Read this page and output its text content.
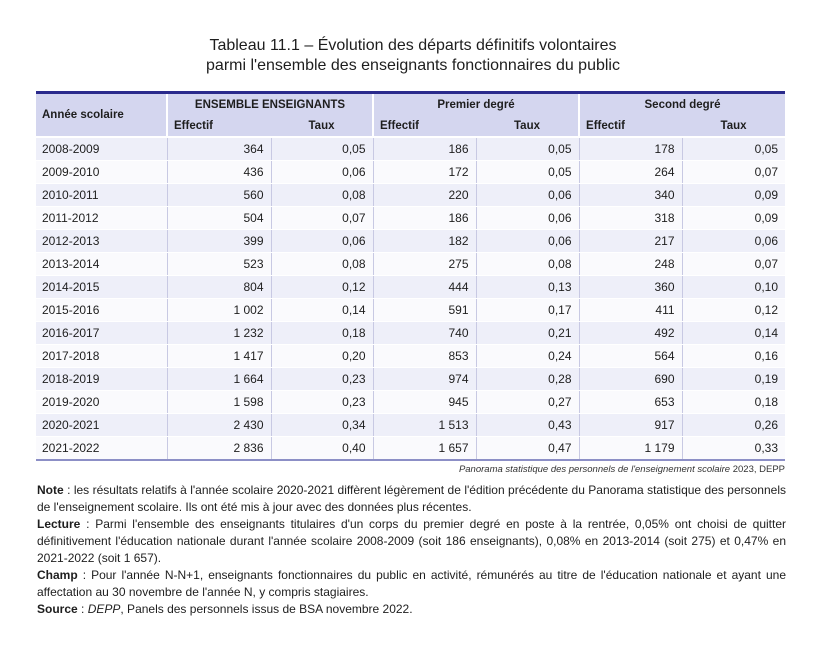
Tableau 11.1 – Évolution des départs définitifs volontaires
parmi l'ensemble des enseignants fonctionnaires du public
Année scolaire	ENSEMBLE ENSEIGNANTS		Premier degré		Second degré	
	Effectif	Taux	Effectif	Taux	Effectif	Taux
2008-2009	364	0,05	186	0,05	178	0,05
2009-2010	436	0,06	172	0,05	264	0,07
2010-2011	560	0,08	220	0,06	340	0,09
2011-2012	504	0,07	186	0,06	318	0,09
2012-2013	399	0,06	182	0,06	217	0,06
2013-2014	523	0,08	275	0,08	248	0,07
2014-2015	804	0,12	444	0,13	360	0,10
2015-2016	1 002	0,14	591	0,17	411	0,12
2016-2017	1 232	0,18	740	0,21	492	0,14
2017-2018	1 417	0,20	853	0,24	564	0,16
2018-2019	1 664	0,23	974	0,28	690	0,19
2019-2020	1 598	0,23	945	0,27	653	0,18
2020-2021	2 430	0,34	1 513	0,43	917	0,26
2021-2022	2 836	0,40	1 657	0,47	1 179	0,33
Panorama statistique des personnels de l'enseignement scolaire 2023, DEPP

Note : les résultats relatifs à l'année scolaire 2020-2021 diffèrent légèrement de l'édition précédente du Panorama statistique des personnels de l'enseignement scolaire. Ils ont été mis à jour avec des données plus récentes.

Lecture : Parmi l'ensemble des enseignants titulaires d'un corps du premier degré en poste à la rentrée, 0,05% ont choisi de quitter définitivement l'éducation nationale durant l'année scolaire 2008-2009 (soit 186 enseignants), 0,08% en 2013-2014 (soit 275) et 0,47% en 2021-2022 (soit 1 657).

Champ : Pour l'année N-N+1, enseignants fonctionnaires du public en activité, rémunérés au titre de l'éducation nationale et ayant une affectation au 30 novembre de l'année N, y compris stagiaires.

Source : DEPP, Panels des personnels issus de BSA novembre 2022.
